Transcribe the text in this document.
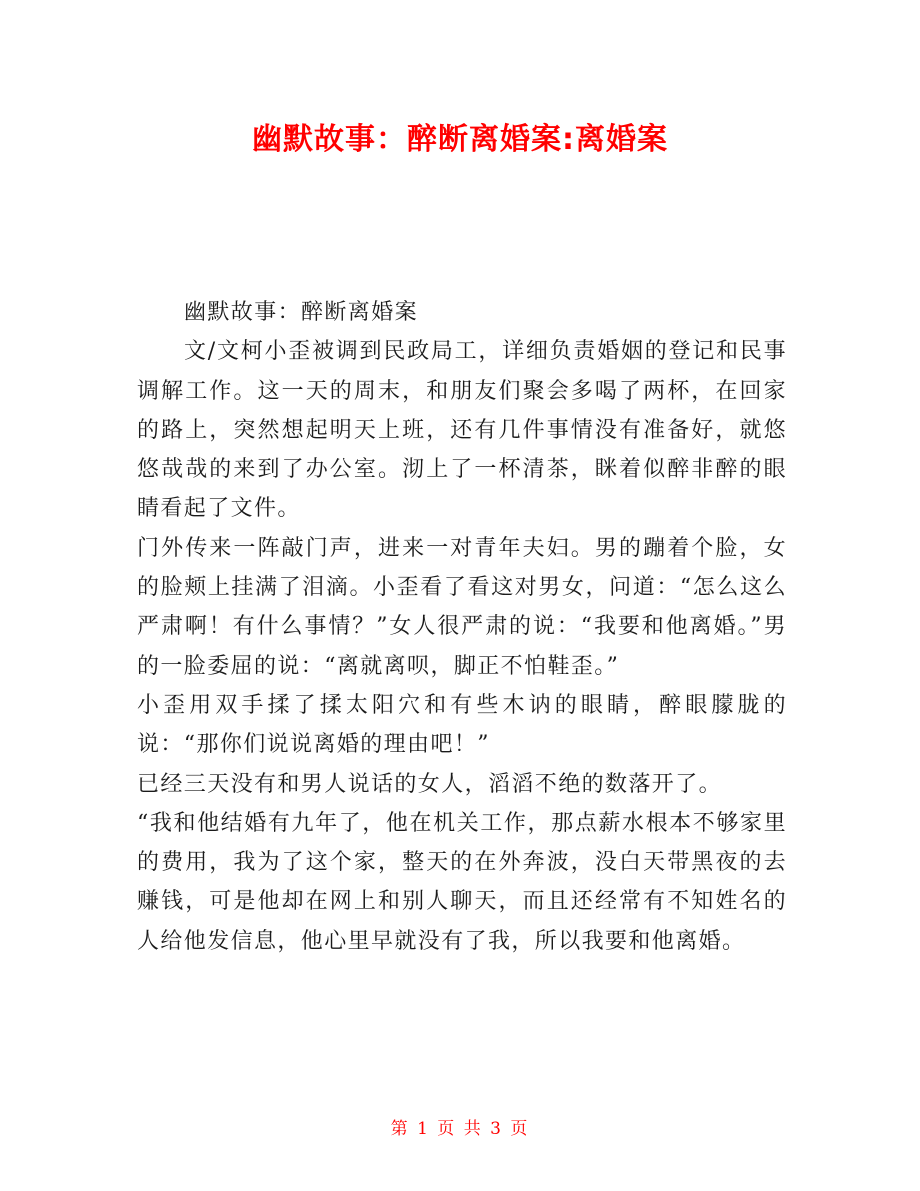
幽默故事：醉断离婚案:离婚案

幽默故事：醉断离婚案

文/文柯小歪被调到民政局工，详细负责婚姻的登记和民事调解工作。这一天的周末，和朋友们聚会多喝了两杯，在回家的路上，突然想起明天上班，还有几件事情没有准备好，就悠悠哉哉的来到了办公室。沏上了一杯清茶，眯着似醉非醉的眼睛看起了文件。

门外传来一阵敲门声，进来一对青年夫妇。男的蹦着个脸，女的脸颊上挂满了泪滴。小歪看了看这对男女，问道：“怎么这么严肃啊！有什么事情？”女人很严肃的说：“我要和他离婚。”男的一脸委屈的说：“离就离呗，脚正不怕鞋歪。”

小歪用双手揉了揉太阳穴和有些木讷的眼睛，醉眼朦胧的说：“那你们说说离婚的理由吧！”

已经三天没有和男人说话的女人，滔滔不绝的数落开了。

“我和他结婚有九年了，他在机关工作，那点薪水根本不够家里的费用，我为了这个家，整天的在外奔波，没白天带黑夜的去赚钱，可是他却在网上和别人聊天，而且还经常有不知姓名的人给他发信息，他心里早就没有了我，所以我要和他离婚。

第 1 页 共 3 页
